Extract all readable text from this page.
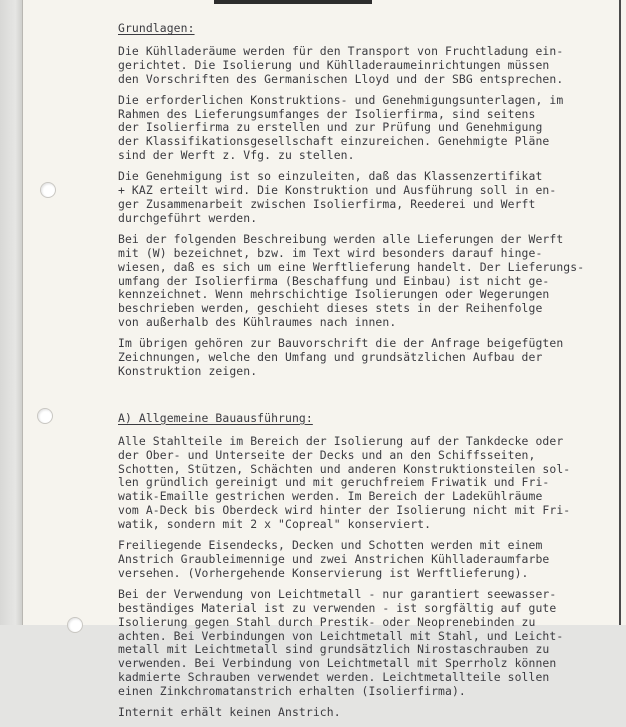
Grundlagen:
Die Kühlladeräume werden für den Transport von Fruchtladung ein-
gerichtet. Die Isolierung und Kühlladeraumeinrichtungen müssen
den Vorschriften des Germanischen Lloyd und der SBG entsprechen.
Die erforderlichen Konstruktions- und Genehmigungsunterlagen, im
Rahmen des Lieferungsumfanges der Isolierfirma, sind seitens
der Isolierfirma zu erstellen und zur Prüfung und Genehmigung
der Klassifikationsgesellschaft einzureichen. Genehmigte Pläne
sind der Werft z. Vfg. zu stellen.
Die Genehmigung ist so einzuleiten, daß das Klassenzertifikat
+ KAZ erteilt wird. Die Konstruktion und Ausführung soll in en-
ger Zusammenarbeit zwischen Isolierfirma, Reederei und Werft
durchgeführt werden.
Bei der folgenden Beschreibung werden alle Lieferungen der Werft
mit (W) bezeichnet, bzw. im Text wird besonders darauf hinge-
wiesen, daß es sich um eine Werftlieferung handelt. Der Lieferungs-
umfang der Isolierfirma (Beschaffung und Einbau) ist nicht ge-
kennzeichnet. Wenn mehrschichtige Isolierungen oder Wegerungen
beschrieben werden, geschieht dieses stets in der Reihenfolge
von außerhalb des Kühlraumes nach innen.
Im übrigen gehören zur Bauvorschrift die der Anfrage beigefügten
Zeichnungen, welche den Umfang und grundsätzlichen Aufbau der
Konstruktion zeigen.
A) Allgemeine Bauausführung:
Alle Stahlteile im Bereich der Isolierung auf der Tankdecke oder
der Ober- und Unterseite der Decks und an den Schiffsseiten,
Schotten, Stützen, Schächten und anderen Konstruktionsteilen sol-
len gründlich gereinigt und mit geruchfreiem Friwatik und Fri-
watik-Emaille gestrichen werden. Im Bereich der Ladekühlräume
vom A-Deck bis Oberdeck wird hinter der Isolierung nicht mit Fri-
watik, sondern mit 2 x "Copreal" konserviert.
Freiliegende Eisendecks, Decken und Schotten werden mit einem
Anstrich Graubleimennige und zwei Anstrichen Kühlladeraumfarbe
versehen. (Vorhergehende Konservierung ist Werftlieferung).
Bei der Verwendung von Leichtmetall - nur garantiert seewasser-
beständiges Material ist zu verwenden - ist sorgfältig auf gute
Isolierung gegen Stahl durch Prestik- oder Neoprenebinden zu
achten. Bei Verbindungen von Leichtmetall mit Stahl, und Leicht-
metall mit Leichtmetall sind grundsätzlich Nirostaschrauben zu
verwenden. Bei Verbindung von Leichtmetall mit Sperrholz können
kadmierte Schrauben verwendet werden. Leichtmetallteile sollen
einen Zinkchromatanstrich erhalten (Isolierfirma).
Internit erhält keinen Anstrich.
